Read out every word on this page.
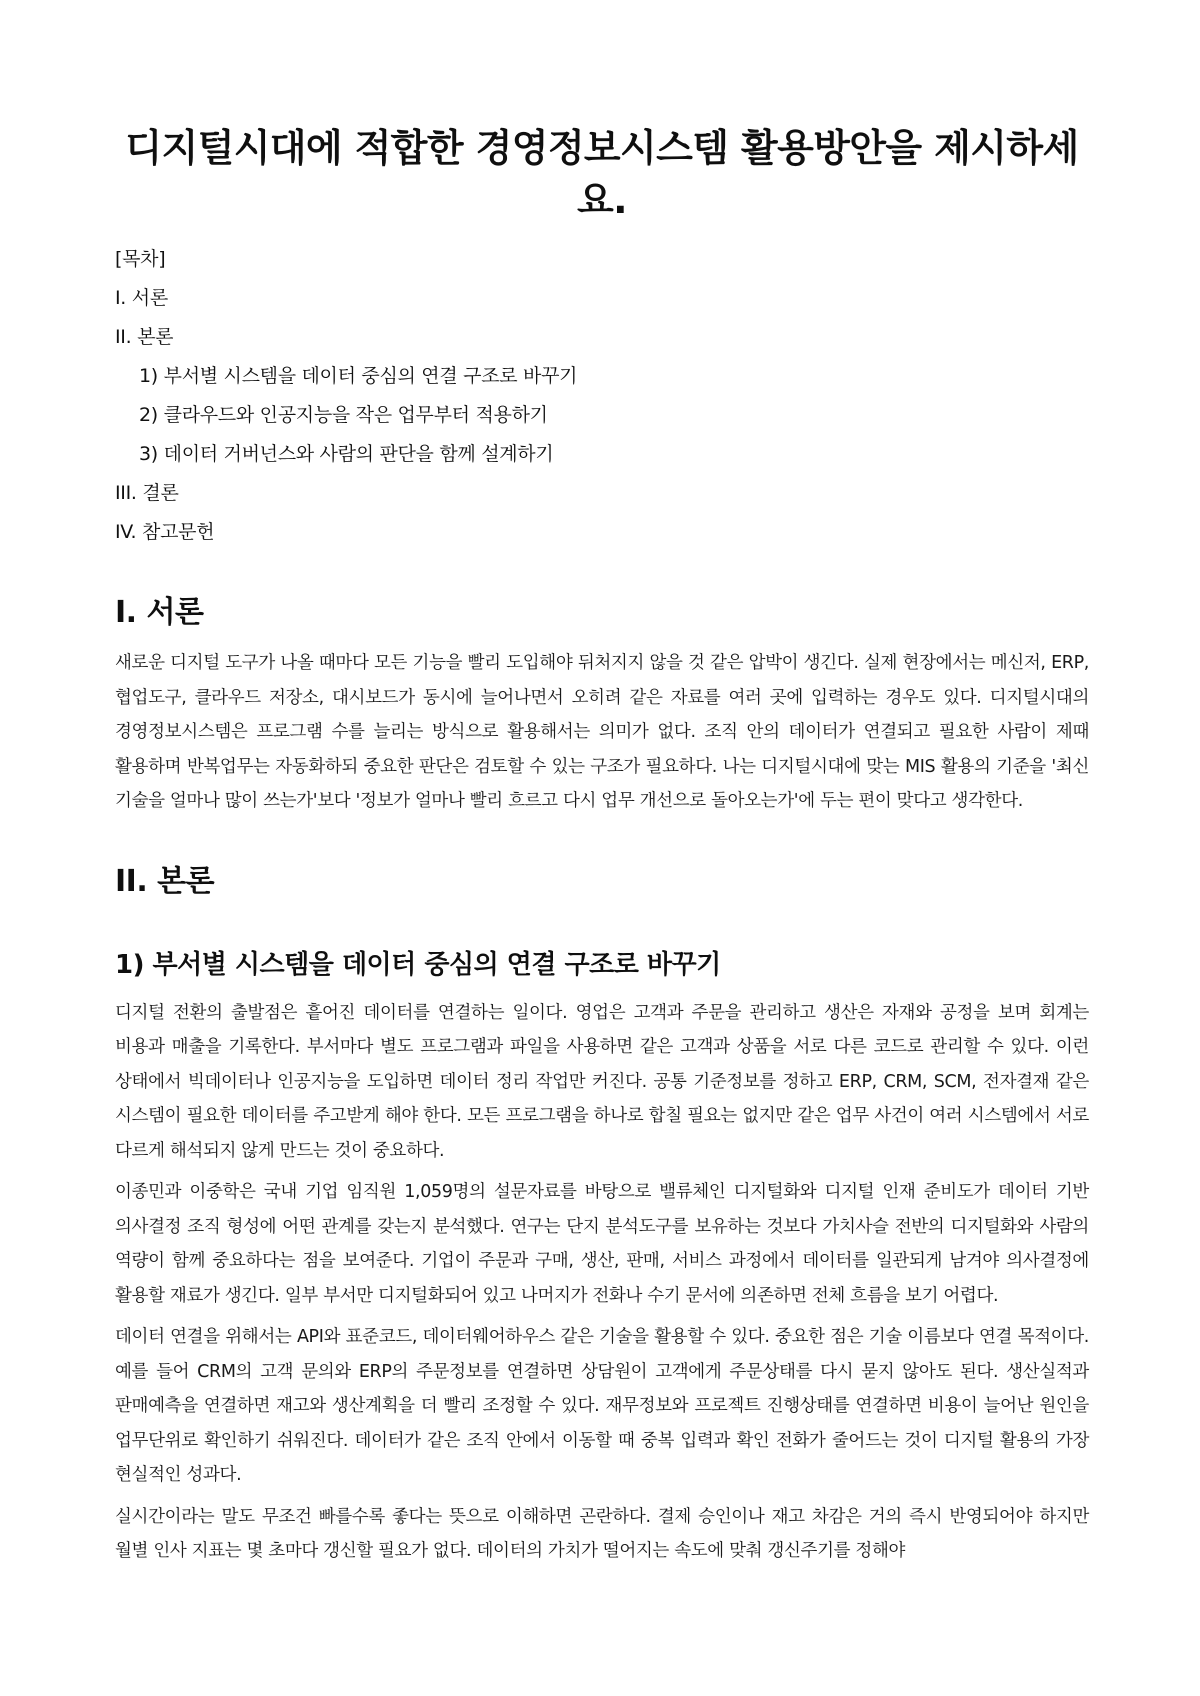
디지털시대에 적합한 경영정보시스템 활용방안을 제시하세요.
[목차]
I. 서론
II. 본론
1) 부서별 시스템을 데이터 중심의 연결 구조로 바꾸기
2) 클라우드와 인공지능을 작은 업무부터 적용하기
3) 데이터 거버넌스와 사람의 판단을 함께 설계하기
III. 결론
IV. 참고문헌
I. 서론

새로운 디지털 도구가 나올 때마다 모든 기능을 빨리 도입해야 뒤처지지 않을 것 같은 압박이 생긴다. 실제 현장에서는 메신저, ERP, 협업도구, 클라우드 저장소, 대시보드가 동시에 늘어나면서 오히려 같은 자료를 여러 곳에 입력하는 경우도 있다. 디지털시대의 경영정보시스템은 프로그램 수를 늘리는 방식으로 활용해서는 의미가 없다. 조직 안의 데이터가 연결되고 필요한 사람이 제때 활용하며 반복업무는 자동화하되 중요한 판단은 검토할 수 있는 구조가 필요하다. 나는 디지털시대에 맞는 MIS 활용의 기준을 '최신 기술을 얼마나 많이 쓰는가'보다 '정보가 얼마나 빨리 흐르고 다시 업무 개선으로 돌아오는가'에 두는 편이 맞다고 생각한다.

II. 본론
1) 부서별 시스템을 데이터 중심의 연결 구조로 바꾸기

디지털 전환의 출발점은 흩어진 데이터를 연결하는 일이다. 영업은 고객과 주문을 관리하고 생산은 자재와 공정을 보며 회계는 비용과 매출을 기록한다. 부서마다 별도 프로그램과 파일을 사용하면 같은 고객과 상품을 서로 다른 코드로 관리할 수 있다. 이런 상태에서 빅데이터나 인공지능을 도입하면 데이터 정리 작업만 커진다. 공통 기준정보를 정하고 ERP, CRM, SCM, 전자결재 같은 시스템이 필요한 데이터를 주고받게 해야 한다. 모든 프로그램을 하나로 합칠 필요는 없지만 같은 업무 사건이 여러 시스템에서 서로 다르게 해석되지 않게 만드는 것이 중요하다.

이종민과 이중학은 국내 기업 임직원 1,059명의 설문자료를 바탕으로 밸류체인 디지털화와 디지털 인재 준비도가 데이터 기반 의사결정 조직 형성에 어떤 관계를 갖는지 분석했다. 연구는 단지 분석도구를 보유하는 것보다 가치사슬 전반의 디지털화와 사람의 역량이 함께 중요하다는 점을 보여준다. 기업이 주문과 구매, 생산, 판매, 서비스 과정에서 데이터를 일관되게 남겨야 의사결정에 활용할 재료가 생긴다. 일부 부서만 디지털화되어 있고 나머지가 전화나 수기 문서에 의존하면 전체 흐름을 보기 어렵다.

데이터 연결을 위해서는 API와 표준코드, 데이터웨어하우스 같은 기술을 활용할 수 있다. 중요한 점은 기술 이름보다 연결 목적이다. 예를 들어 CRM의 고객 문의와 ERP의 주문정보를 연결하면 상담원이 고객에게 주문상태를 다시 묻지 않아도 된다. 생산실적과 판매예측을 연결하면 재고와 생산계획을 더 빨리 조정할 수 있다. 재무정보와 프로젝트 진행상태를 연결하면 비용이 늘어난 원인을 업무단위로 확인하기 쉬워진다. 데이터가 같은 조직 안에서 이동할 때 중복 입력과 확인 전화가 줄어드는 것이 디지털 활용의 가장 현실적인 성과다.

실시간이라는 말도 무조건 빠를수록 좋다는 뜻으로 이해하면 곤란하다. 결제 승인이나 재고 차감은 거의 즉시 반영되어야 하지만 월별 인사 지표는 몇 초마다 갱신할 필요가 없다. 데이터의 가치가 떨어지는 속도에 맞춰 갱신주기를 정해야
